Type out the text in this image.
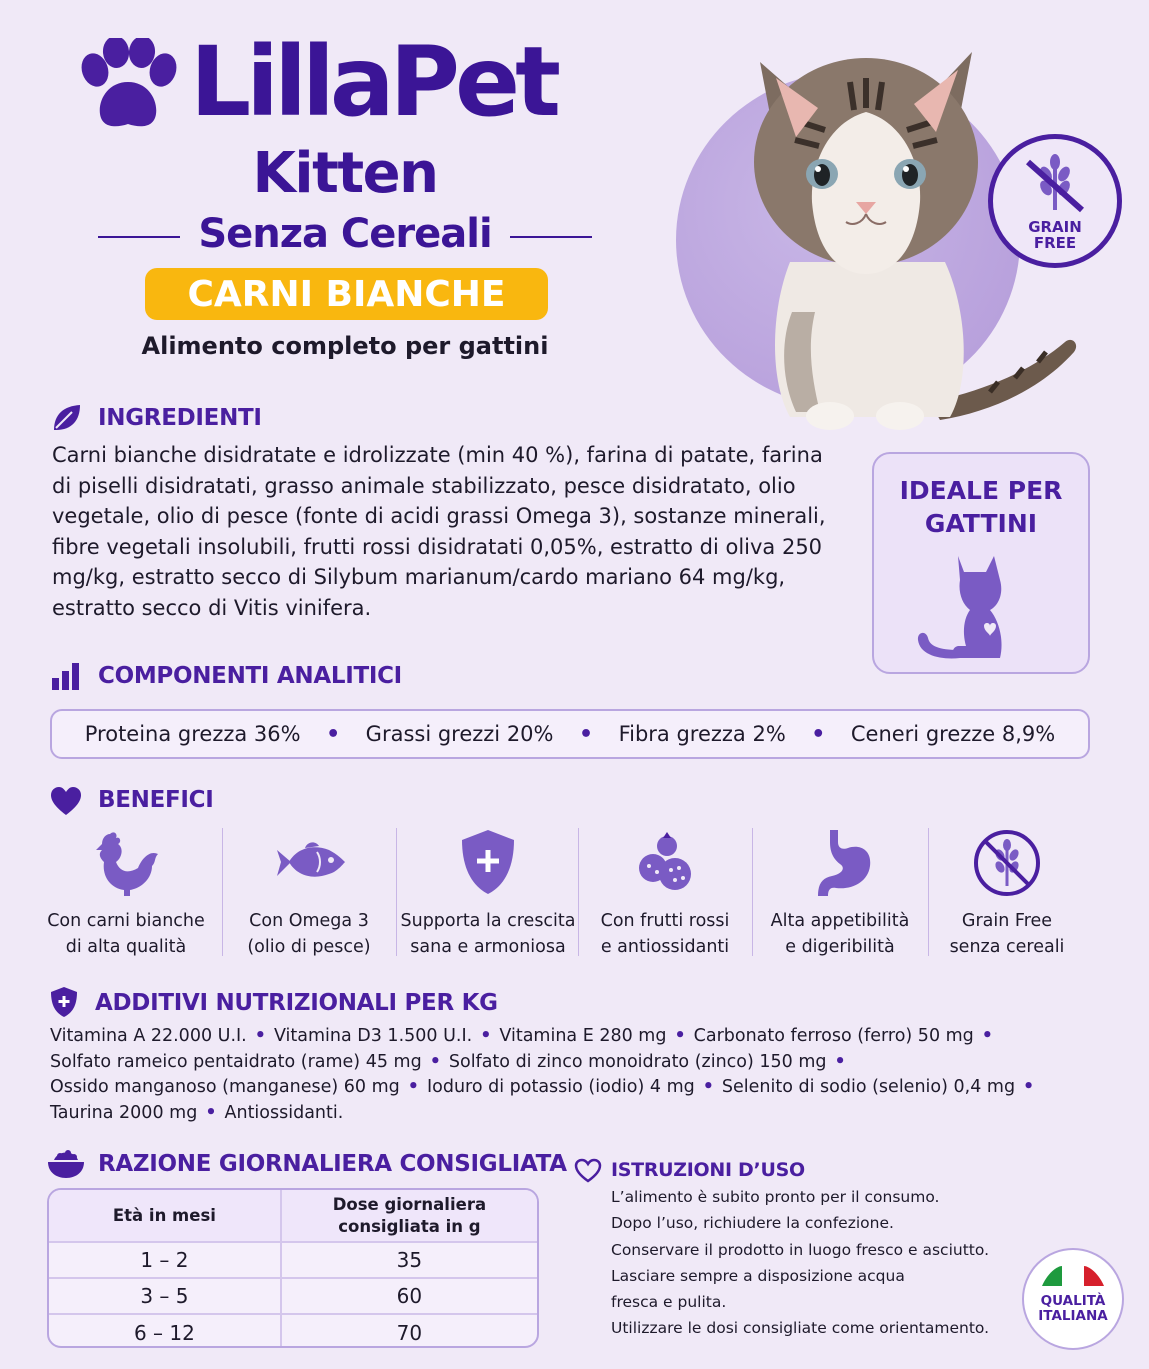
LillaPet
Kitten
Senza Cereali
CARNI BIANCHE
Alimento completo per gattini
GRAIN
FREE
INGREDIENTI
Carni bianche disidratate e idrolizzate (min 40 %), farina di patate, farina di piselli disidratati, grasso animale stabilizzato, pesce disidratato, olio vegetale, olio di pesce (fonte di acidi grassi Omega 3), sostanze minerali, fibre vegetali insolubili, frutti rossi disidratati 0,05%, estratto di oliva 250 mg/kg, estratto secco di Silybum marianum/cardo mariano 64 mg/kg, estratto secco di Vitis vinifera.
IDEALE PER
GATTINI
COMPONENTI ANALITICI
Proteina grezza 36% • Grassi grezzi 20% • Fibra grezza 2% • Ceneri grezze 8,9%
BENEFICI
Con carni bianche
di alta qualità
Con Omega 3
(olio di pesce)
Supporta la crescita
sana e armoniosa
Con frutti rossi
e antiossidanti
Alta appetibilità
e digeribilità
Grain Free
senza cereali
ADDITIVI NUTRIZIONALI PER KG
Vitamina A 22.000 U.I. • Vitamina D3 1.500 U.I. • Vitamina E 280 mg • Carbonato ferroso (ferro) 50 mg •
Solfato rameico pentaidrato (rame) 45 mg • Solfato di zinco monoidrato (zinco) 150 mg •
Ossido manganoso (manganese) 60 mg • Ioduro di potassio (iodio) 4 mg • Selenito di sodio (selenio) 0,4 mg •
Taurina 2000 mg • Antiossidanti.
RAZIONE GIORNALIERA CONSIGLIATA
Età in mesi	Dose giornaliera consigliata in g
1 – 2	35
3 – 5	60
6 – 12	70
ISTRUZIONI D’USO
L’alimento è subito pronto per il consumo.
Dopo l’uso, richiudere la confezione.
Conservare il prodotto in luogo fresco e asciutto.
Lasciare sempre a disposizione acqua
fresca e pulita.
Utilizzare le dosi consigliate come orientamento.
QUALITÀ
ITALIANA
